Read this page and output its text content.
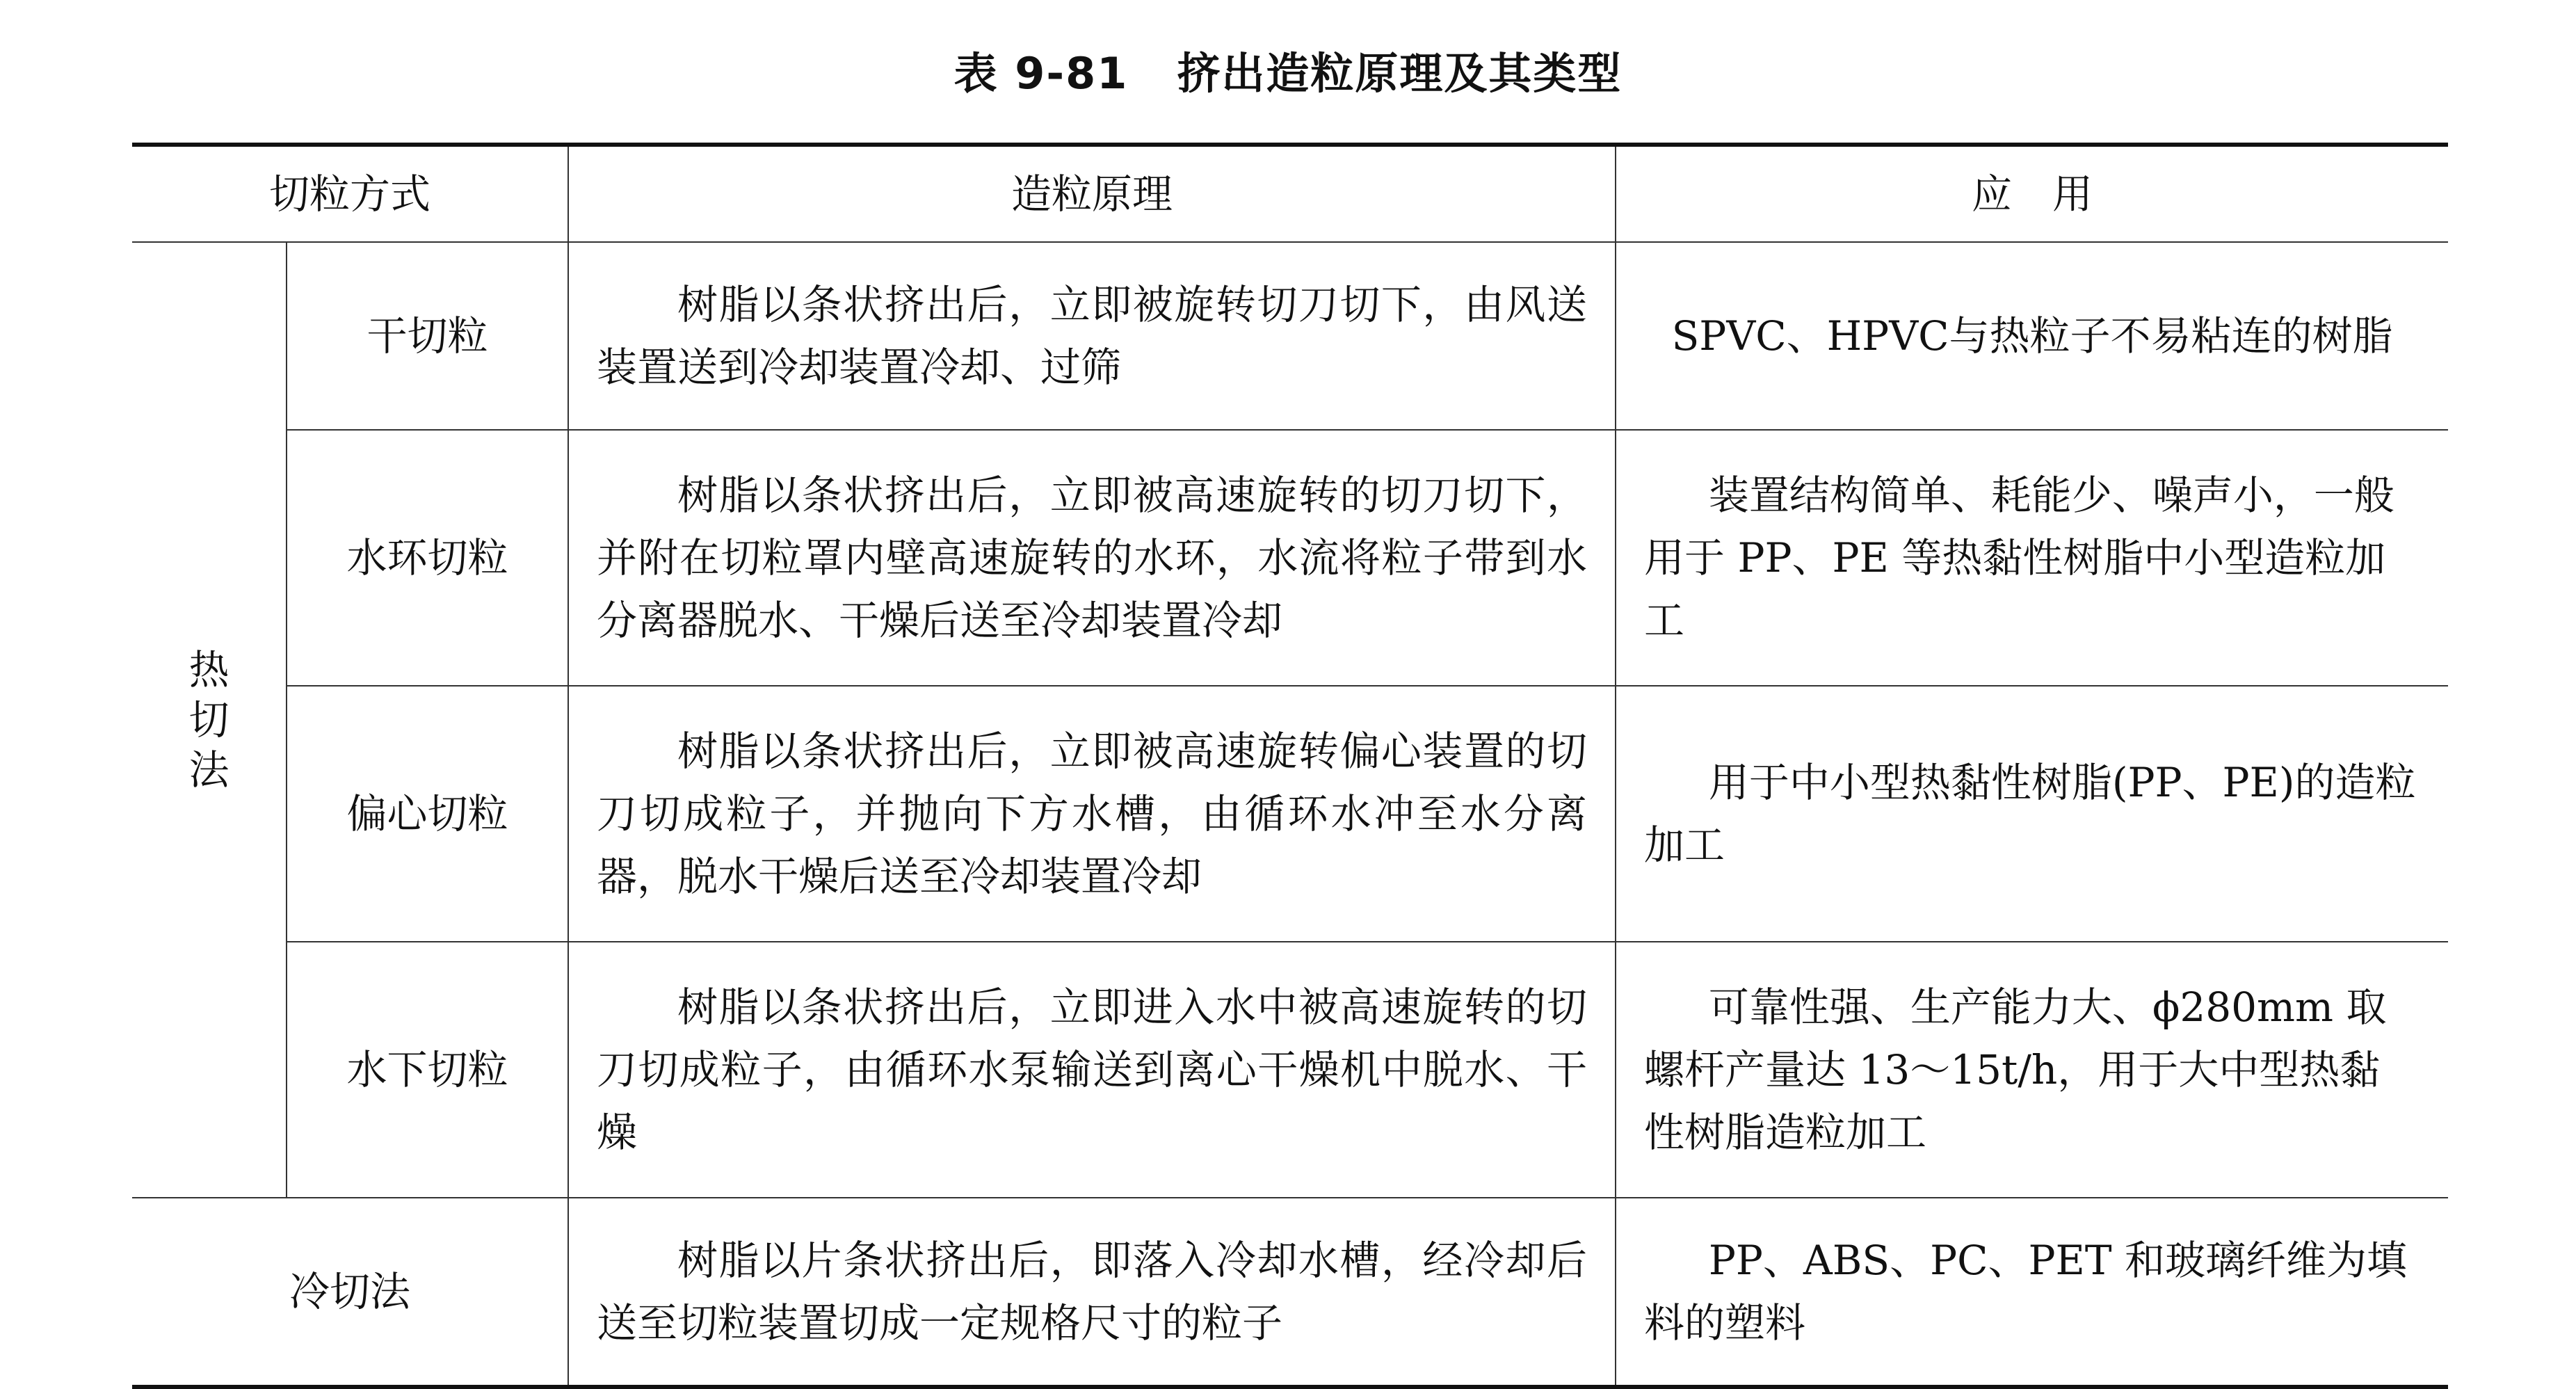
表 9-81 挤出造粒原理及其类型
切粒方式		造粒原理	应　用

热
切
法	干切粒	树脂以条状挤出后，立即被旋转切刀切下，由风送装置送到冷却装置冷却、过筛	SPVC、HPVC与热粒子不易粘连的树脂
	水环切粒	树脂以条状挤出后，立即被高速旋转的切刀切下，并附在切粒罩内壁高速旋转的水环，水流将粒子带到水分离器脱水、干燥后送至冷却装置冷却	装置结构简单、耗能少、噪声小，一般用于 PP、PE 等热黏性树脂中小型造粒加工
	偏心切粒	树脂以条状挤出后，立即被高速旋转偏心装置的切刀切成粒子，并抛向下方水槽，由循环水冲至水分离器，脱水干燥后送至冷却装置冷却	用于中小型热黏性树脂(PP、PE)的造粒加工
	水下切粒	树脂以条状挤出后，立即进入水中被高速旋转的切刀切成粒子，由循环水泵输送到离心干燥机中脱水、干燥	可靠性强、生产能力大、ϕ280mm 取螺杆产量达 13～15t/h，用于大中型热黏性树脂造粒加工
冷切法		树脂以片条状挤出后，即落入冷却水槽，经冷却后送至切粒装置切成一定规格尺寸的粒子	PP、ABS、PC、PET 和玻璃纤维为填料的塑料
